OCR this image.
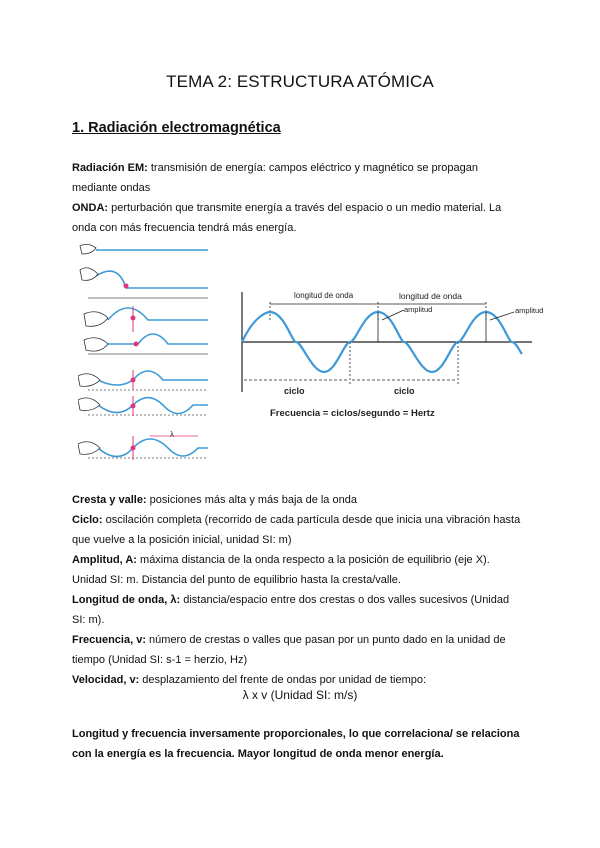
TEMA 2: ESTRUCTURA ATÓMICA
1. Radiación electromagnética
Radiación EM: transmisión de energía: campos eléctrico y magnético se propagan
mediante ondas
ONDA: perturbación que transmite energía a través del espacio o un medio material. La
onda con más frecuencia tendrá más energía.
λ
longitud de onda	longitud de onda
amplitud	amplitud
ciclo	ciclo
Frecuencia = ciclos/segundo = Hertz
Cresta y valle: posiciones más alta y más baja de la onda
Ciclo: oscilación completa (recorrido de cada partícula desde que inicia una vibración hasta
que vuelve a la posición inicial, unidad SI: m)
Amplitud, A: máxima distancia de la onda respecto a la posición de equilibrio (eje X).
Unidad SI: m. Distancia del punto de equilibrio hasta la cresta/valle.
Longitud de onda, λ: distancia/espacio entre dos crestas o dos valles sucesivos (Unidad
SI: m).
Frecuencia, v: número de crestas o valles que pasan por un punto dado en la unidad de
tiempo (Unidad SI: s-1 = herzio, Hz)
Velocidad, v: desplazamiento del frente de ondas por unidad de tiempo:
λ x v (Unidad SI: m/s)
Longitud y frecuencia inversamente proporcionales, lo que correlaciona/ se relaciona
con la energía es la frecuencia. Mayor longitud de onda menor energía.
